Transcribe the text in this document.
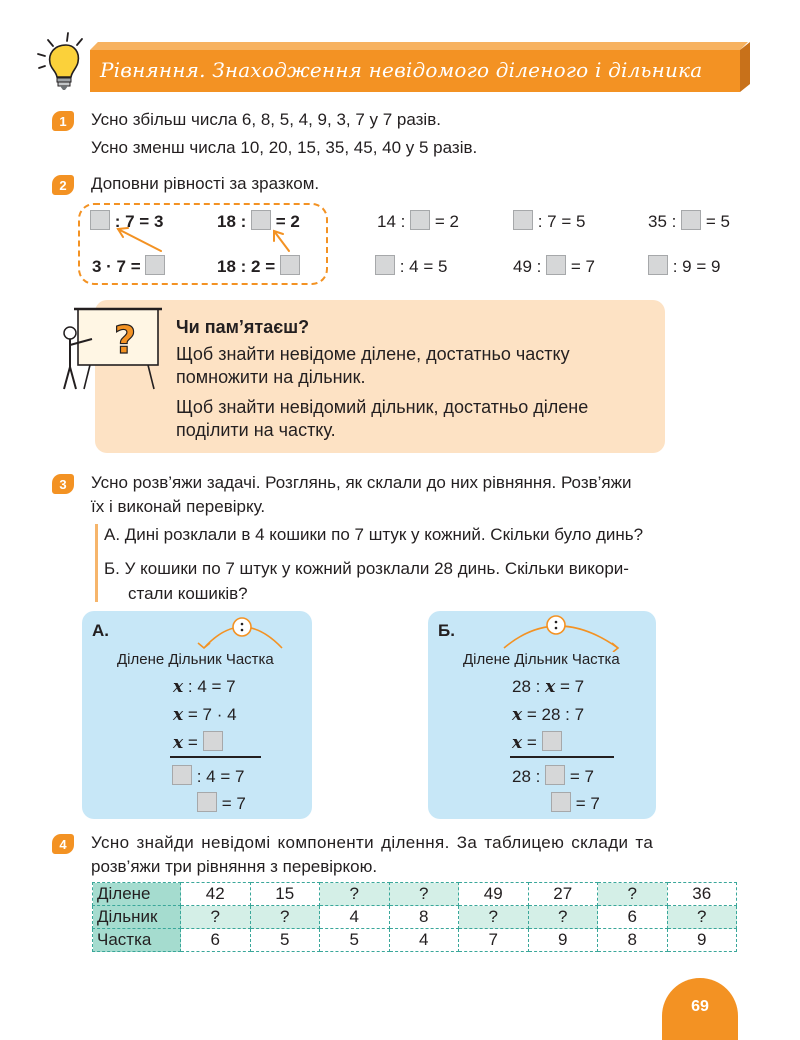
Рівняння. Знаходження невідомого діленого і дільника
1	Усно збільш числа 6, 8, 5, 4, 9, 3, 7 у 7 разів.
Усно зменш числа 10, 20, 15, 35, 45, 40 у 5 разів.
2	Доповни рівності за зразком.
: 7 = 3	18 : = 2
3 · 7 =	18 : 2 =
14 : = 2	: 7 = 5	35 : = 5
: 4 = 5	49 : = 7	: 9 = 9
? Чи пам’ятаєш?
Щоб знайти невідоме ділене, достатньо частку
помножити на дільник.
Щоб знайти невідомий дільник, достатньо ділене
поділити на частку.
3	Усно розв’яжи задачі. Розглянь, як склали до них рівняння. Розв’яжи
їх і виконай перевірку.
А. Дині розклали в 4 кошики по 7 штук у кожний. Скільки було динь?
Б. У кошики по 7 штук у кожний розклали 28 динь. Скільки викори-
стали кошиків?
А.
Ділене Дільник Частка
x : 4 = 7
x = 7 · 4
x =
: 4 = 7
= 7
Б.
Ділене Дільник Частка
28 : x = 7
x = 28 : 7
x =
28 : = 7
= 7
4	Усно знайди невідомі компоненти ділення. За таблицею склади та
розв’яжи три рівняння з перевіркою.
Ділене	42	15	?	?	49	27	?	36
Дільник	?	?	4	8	?	?	6	?
Частка	6	5	5	4	7	9	8	9
69
